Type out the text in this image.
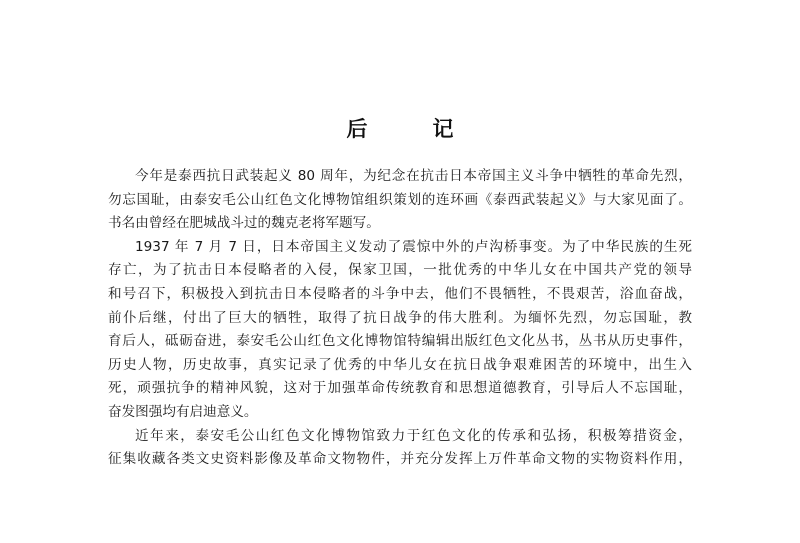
后　记
今年是泰西抗日武装起义 80 周年，为纪念在抗击日本帝国主义斗争中牺牲的革命先烈，
勿忘国耻，由泰安毛公山红色文化博物馆组织策划的连环画《泰西武装起义》与大家见面了。
书名由曾经在肥城战斗过的魏克老将军题写。
1937 年 7 月 7 日，日本帝国主义发动了震惊中外的卢沟桥事变。为了中华民族的生死
存亡，为了抗击日本侵略者的入侵，保家卫国，一批优秀的中华儿女在中国共产党的领导
和号召下，积极投入到抗击日本侵略者的斗争中去，他们不畏牺牲，不畏艰苦，浴血奋战，
前仆后继，付出了巨大的牺牲，取得了抗日战争的伟大胜利。为缅怀先烈，勿忘国耻，教
育后人，砥砺奋进，泰安毛公山红色文化博物馆特编辑出版红色文化丛书，丛书从历史事件，
历史人物，历史故事，真实记录了优秀的中华儿女在抗日战争艰难困苦的环境中，出生入
死，顽强抗争的精神风貌，这对于加强革命传统教育和思想道德教育，引导后人不忘国耻，
奋发图强均有启迪意义。
近年来，泰安毛公山红色文化博物馆致力于红色文化的传承和弘扬，积极筹措资金，
征集收藏各类文史资料影像及革命文物物件，并充分发挥上万件革命文物的实物资料作用，
